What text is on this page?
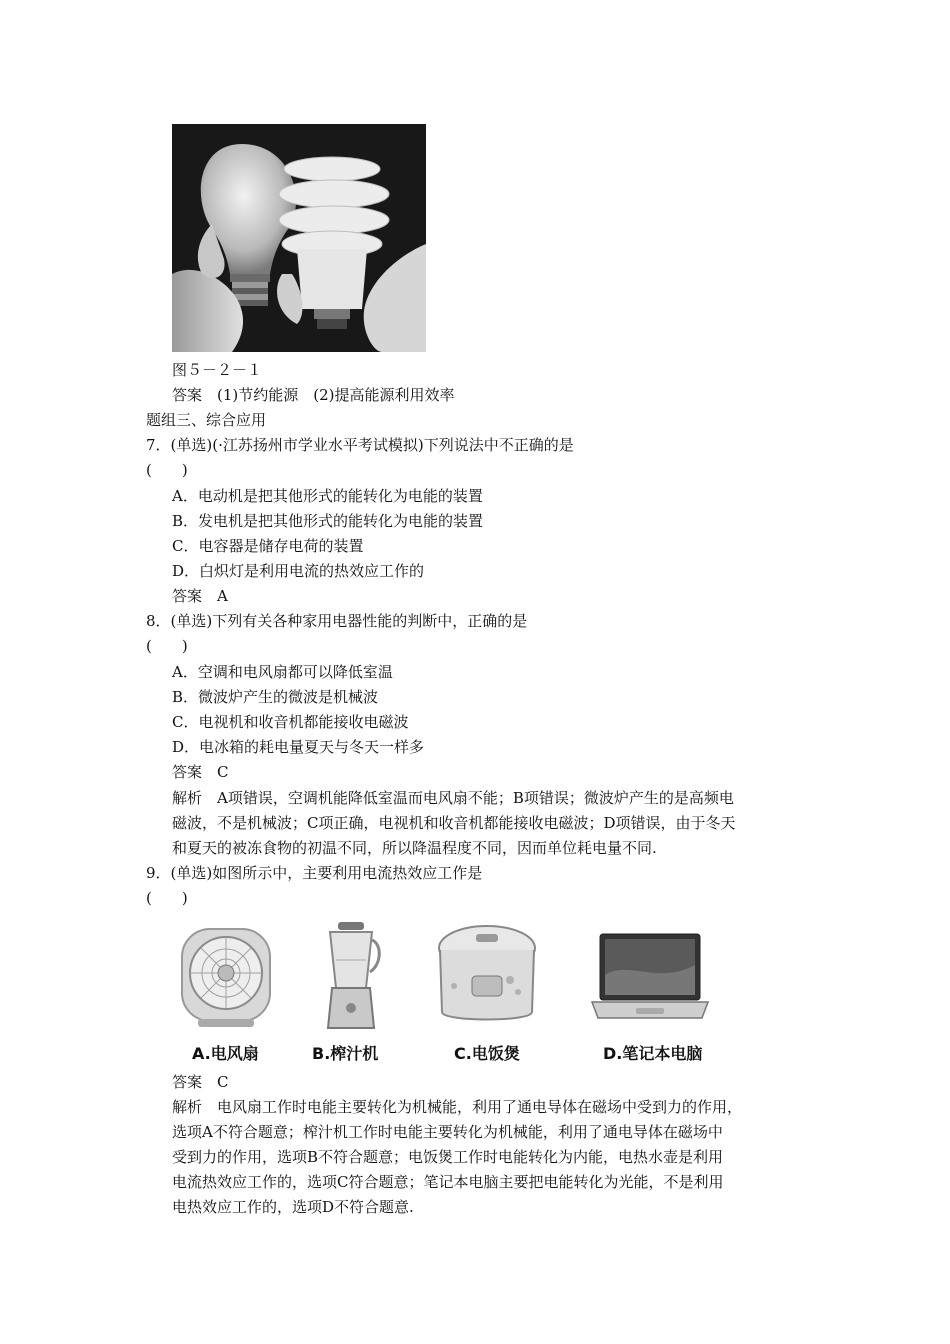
图５－２－１
答案　(1)节约能源　(2)提高能源利用效率
题组三、综合应用
7．(单选)(·江苏扬州市学业水平考试模拟)下列说法中不正确的是
(　　)
A．电动机是把其他形式的能转化为电能的装置
B．发电机是把其他形式的能转化为电能的装置
C．电容器是储存电荷的装置
D．白炽灯是利用电流的热效应工作的
答案　A
8．(单选)下列有关各种家用电器性能的判断中，正确的是
(　　)
A．空调和电风扇都可以降低室温
B．微波炉产生的微波是机械波
C．电视机和收音机都能接收电磁波
D．电冰箱的耗电量夏天与冬天一样多
答案　C
解析　A项错误，空调机能降低室温而电风扇不能；B项错误；微波炉产生的是高频电
磁波，不是机械波；C项正确，电视机和收音机都能接收电磁波；D项错误，由于冬天
和夏天的被冻食物的初温不同，所以降温程度不同，因而单位耗电量不同.
9．(单选)如图所示中，主要利用电流热效应工作是
(　　)
A.电风扇	B.榨汁机	C.电饭煲	D.笔记本电脑
答案　C
解析　电风扇工作时电能主要转化为机械能，利用了通电导体在磁场中受到力的作用，
选项A不符合题意；榨汁机工作时电能主要转化为机械能，利用了通电导体在磁场中
受到力的作用，选项B不符合题意；电饭煲工作时电能转化为内能，电热水壶是利用
电流热效应工作的，选项C符合题意；笔记本电脑主要把电能转化为光能，不是利用
电热效应工作的，选项D不符合题意.
